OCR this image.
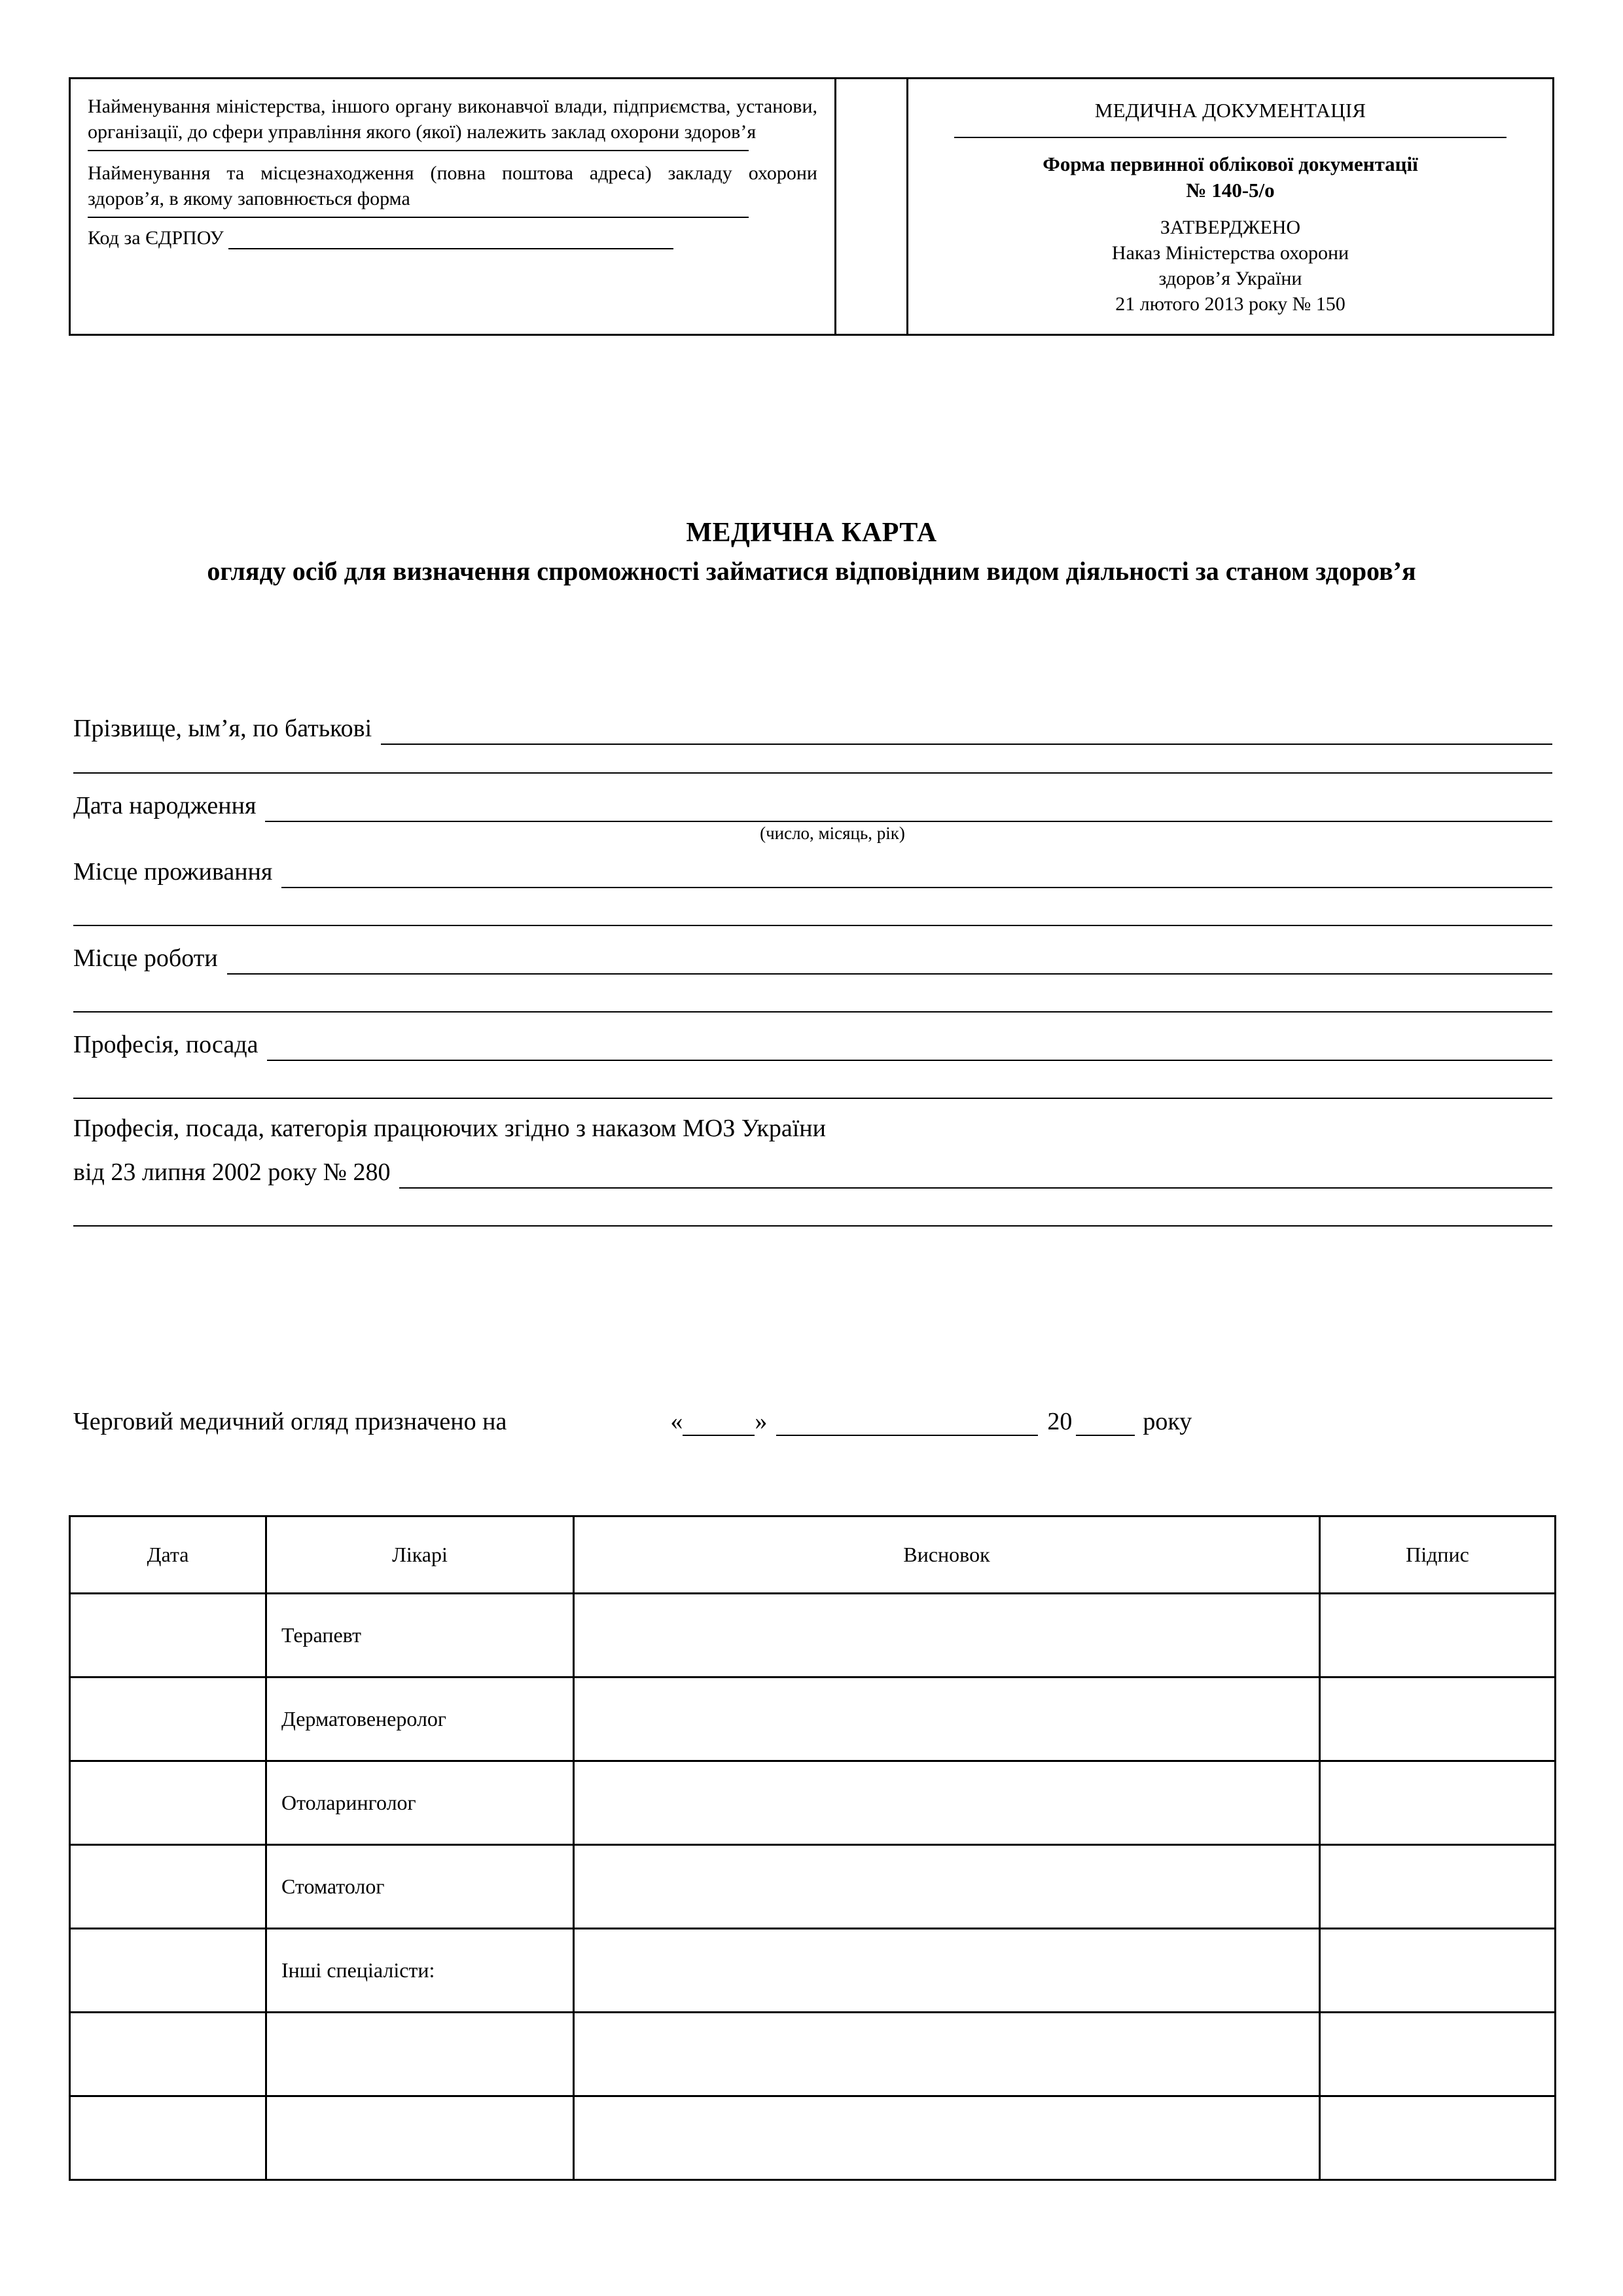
Найменування міністерства, іншого органу виконавчої влади, підприємства, установи, організації, до сфери управління якого (якої) належить заклад охорони здоров’я

Найменування та місцезнаходження (повна поштова адреса) закладу охорони здоров’я, в якому заповнюється форма

Код за ЄДРПОУ
МЕДИЧНА ДОКУМЕНТАЦІЯ
Форма первинної облікової документації
№ 140-5/о
ЗАТВЕРДЖЕНО
Наказ Міністерства охорони
здоров’я України
21 лютого 2013 року № 150
МЕДИЧНА КАРТА
огляду осіб для визначення спроможності займатися відповідним видом діяльності за станом здоров’я
Прізвище, ым’я, по батькові
Дата народження
(число, місяць, рік)
Місце проживання
Місце роботи
Професія, посада
Професія, посада, категорія працюючих згідно з наказом МОЗ України
від 23 липня 2002 року № 280
Черговий медичний огляд призначено на	«	»	20	року
Дата	Лікарі	Висновок	Підпис
	Терапевт		
	Дерматовенеролог		
	Отоларинголог		
	Стоматолог		
	Інші спеціалісти:		
